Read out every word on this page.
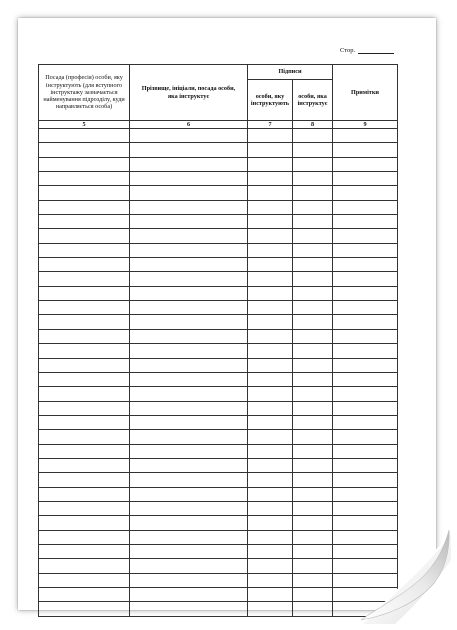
Стор.
Посада (професія) особи, яку інструктують (для вступного інструктажу зазначається найменування підрозділу, куди направляється особа)	Прізвище, ініціали, посада особи, яка інструктує	Підписи		Примітки
		особи, яку інструктують	особи, яка інструктує	
5	6	7	8	9
